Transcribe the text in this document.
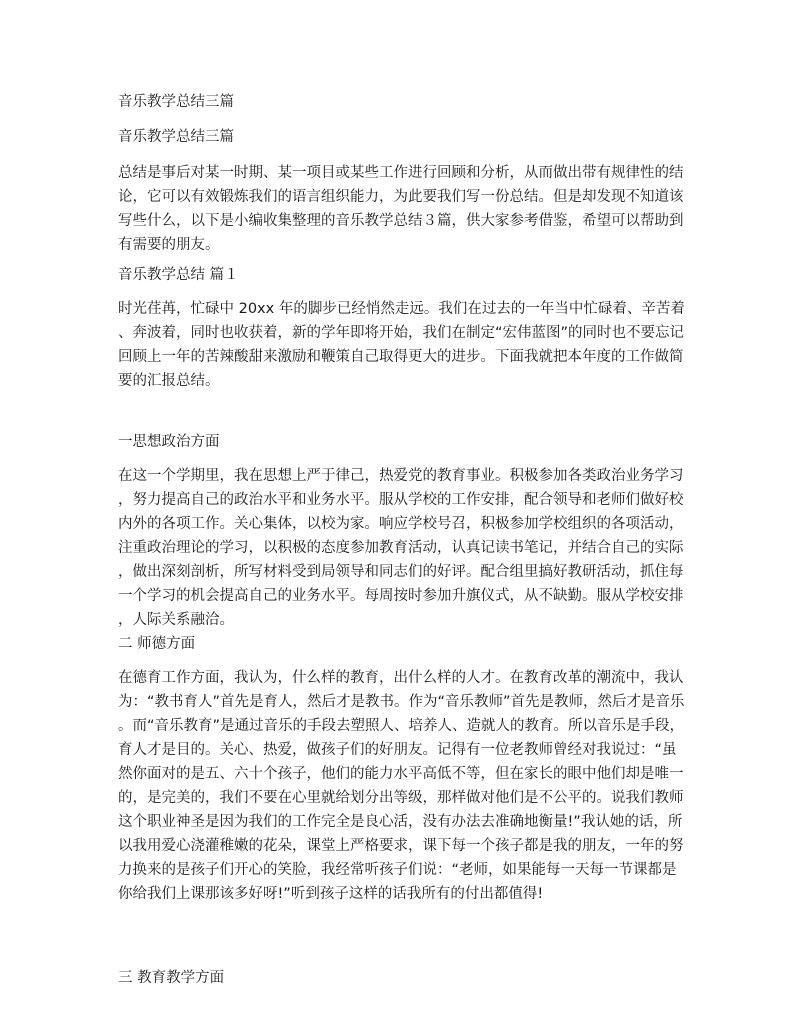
音乐教学总结三篇
音乐教学总结三篇
总结是事后对某一时期、某一项目或某些工作进行回顾和分析，从而做出带有规律性的结
论，它可以有效锻炼我们的语言组织能力，为此要我们写一份总结。但是却发现不知道该
写些什么，以下是小编收集整理的音乐教学总结３篇，供大家参考借鉴，希望可以帮助到
有需要的朋友。
音乐教学总结 篇１
时光荏苒，忙碌中 20xx 年的脚步已经悄然走远。我们在过去的一年当中忙碌着、辛苦着
、奔波着，同时也收获着，新的学年即将开始，我们在制定“宏伟蓝图”的同时也不要忘记
回顾上一年的苦辣酸甜来激励和鞭策自己取得更大的进步。下面我就把本年度的工作做简
要的汇报总结。
一思想政治方面
在这一个学期里，我在思想上严于律己，热爱党的教育事业。积极参加各类政治业务学习
，努力提高自己的政治水平和业务水平。服从学校的工作安排，配合领导和老师们做好校
内外的各项工作。关心集体，以校为家。响应学校号召，积极参加学校组织的各项活动，
注重政治理论的学习，以积极的态度参加教育活动，认真记读书笔记，并结合自己的实际
，做出深刻剖析，所写材料受到局领导和同志们的好评。配合组里搞好教研活动，抓住每
一个学习的机会提高自己的业务水平。每周按时参加升旗仪式，从不缺勤。服从学校安排
，人际关系融洽。
二 师德方面
在德育工作方面，我认为，什么样的教育，出什么样的人才。在教育改革的潮流中，我认
为：“教书育人”首先是育人，然后才是教书。作为“音乐教师”首先是教师，然后才是音乐
。而“音乐教育”是通过音乐的手段去塑照人、培养人、造就人的教育。所以音乐是手段，
育人才是目的。关心、热爱，做孩子们的好朋友。记得有一位老教师曾经对我说过：“虽
然你面对的是五、六十个孩子，他们的能力水平高低不等，但在家长的眼中他们却是唯一
的，是完美的，我们不要在心里就给划分出等级，那样做对他们是不公平的。说我们教师
这个职业神圣是因为我们的工作完全是良心活，没有办法去准确地衡量!”我认她的话，所
以我用爱心浇灌稚嫩的花朵，课堂上严格要求，课下每一个孩子都是我的朋友，一年的努
力换来的是孩子们开心的笑脸，我经常听孩子们说：“老师，如果能每一天每一节课都是
你给我们上课那该多好呀!”听到孩子这样的话我所有的付出都值得!
三 教育教学方面
